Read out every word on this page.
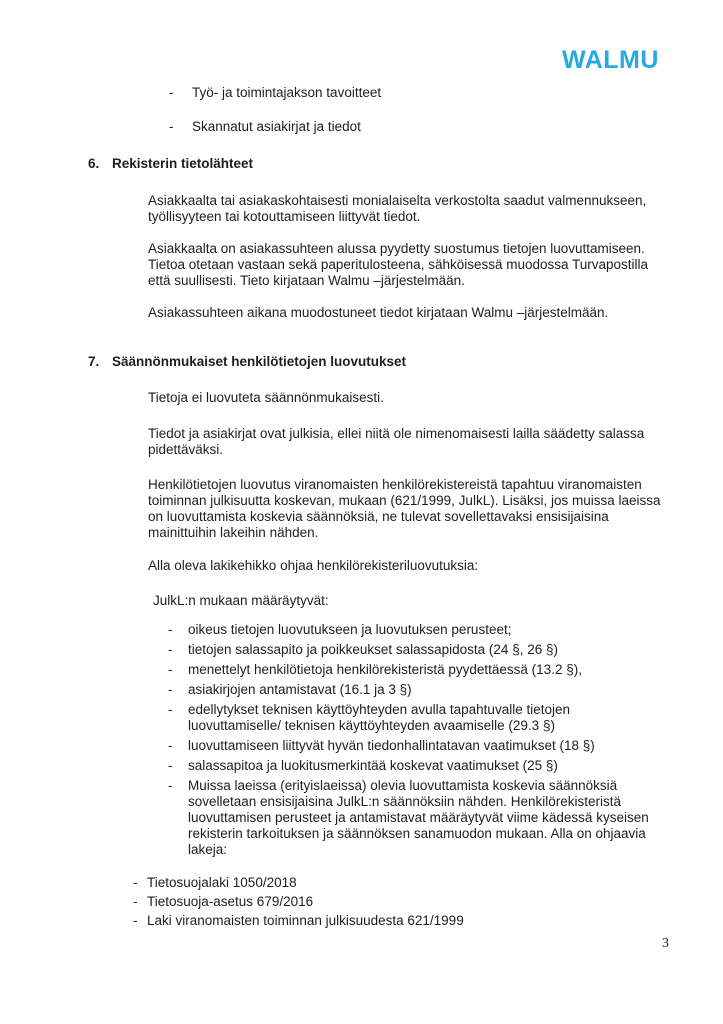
WALMU
-	Työ- ja toimintajakson tavoitteet
-	Skannatut asiakirjat ja tiedot
6. Rekisterin tietolähteet

Asiakkaalta tai asiakaskohtaisesti monialaiselta verkostolta saadut valmennukseen, työllisyyteen tai kotouttamiseen liittyvät tiedot.

Asiakkaalta on asiakassuhteen alussa pyydetty suostumus tietojen luovuttamiseen. Tietoa otetaan vastaan sekä paperitulosteena, sähköisessä muodossa Turvapostilla että suullisesti. Tieto kirjataan Walmu –järjestelmään.

Asiakassuhteen aikana muodostuneet tiedot kirjataan Walmu –järjestelmään.

7. Säännönmukaiset henkilötietojen luovutukset

Tietoja ei luovuteta säännönmukaisesti.

Tiedot ja asiakirjat ovat julkisia, ellei niitä ole nimenomaisesti lailla säädetty salassa pidettäväksi.

Henkilötietojen luovutus viranomaisten henkilörekistereistä tapahtuu viranomaisten toiminnan julkisuutta koskevan, mukaan (621/1999, JulkL). Lisäksi, jos muissa laeissa on luovuttamista koskevia säännöksiä, ne tulevat sovellettavaksi ensisijaisina mainittuihin lakeihin nähden.

Alla oleva lakikehikko ohjaa henkilörekisteriluovutuksia:

JulkL:n mukaan määräytyvät:
-	oikeus tietojen luovutukseen ja luovutuksen perusteet;
-	tietojen salassapito ja poikkeukset salassapidosta (24 §, 26 §)
-	menettelyt henkilötietoja henkilörekisteristä pyydettäessä (13.2 §),
-	asiakirjojen antamistavat (16.1 ja 3 §)
-	edellytykset teknisen käyttöyhteyden avulla tapahtuvalle tietojen luovuttamiselle/ teknisen käyttöyhteyden avaamiselle (29.3 §)
-	luovuttamiseen liittyvät hyvän tiedonhallintatavan vaatimukset (18 §)
-	salassapitoa ja luokitusmerkintää koskevat vaatimukset (25 §)
-	Muissa laeissa (erityislaeissa) olevia luovuttamista koskevia säännöksiä sovelletaan ensisijaisina JulkL:n säännöksiin nähden. Henkilörekisteristä luovuttamisen perusteet ja antamistavat määräytyvät viime kädessä kyseisen rekisterin tarkoituksen ja säännöksen sanamuodon mukaan. Alla on ohjaavia lakeja:
- Tietosuojalaki 1050/2018
- Tietosuoja-asetus 679/2016
- Laki viranomaisten toiminnan julkisuudesta 621/1999
3
